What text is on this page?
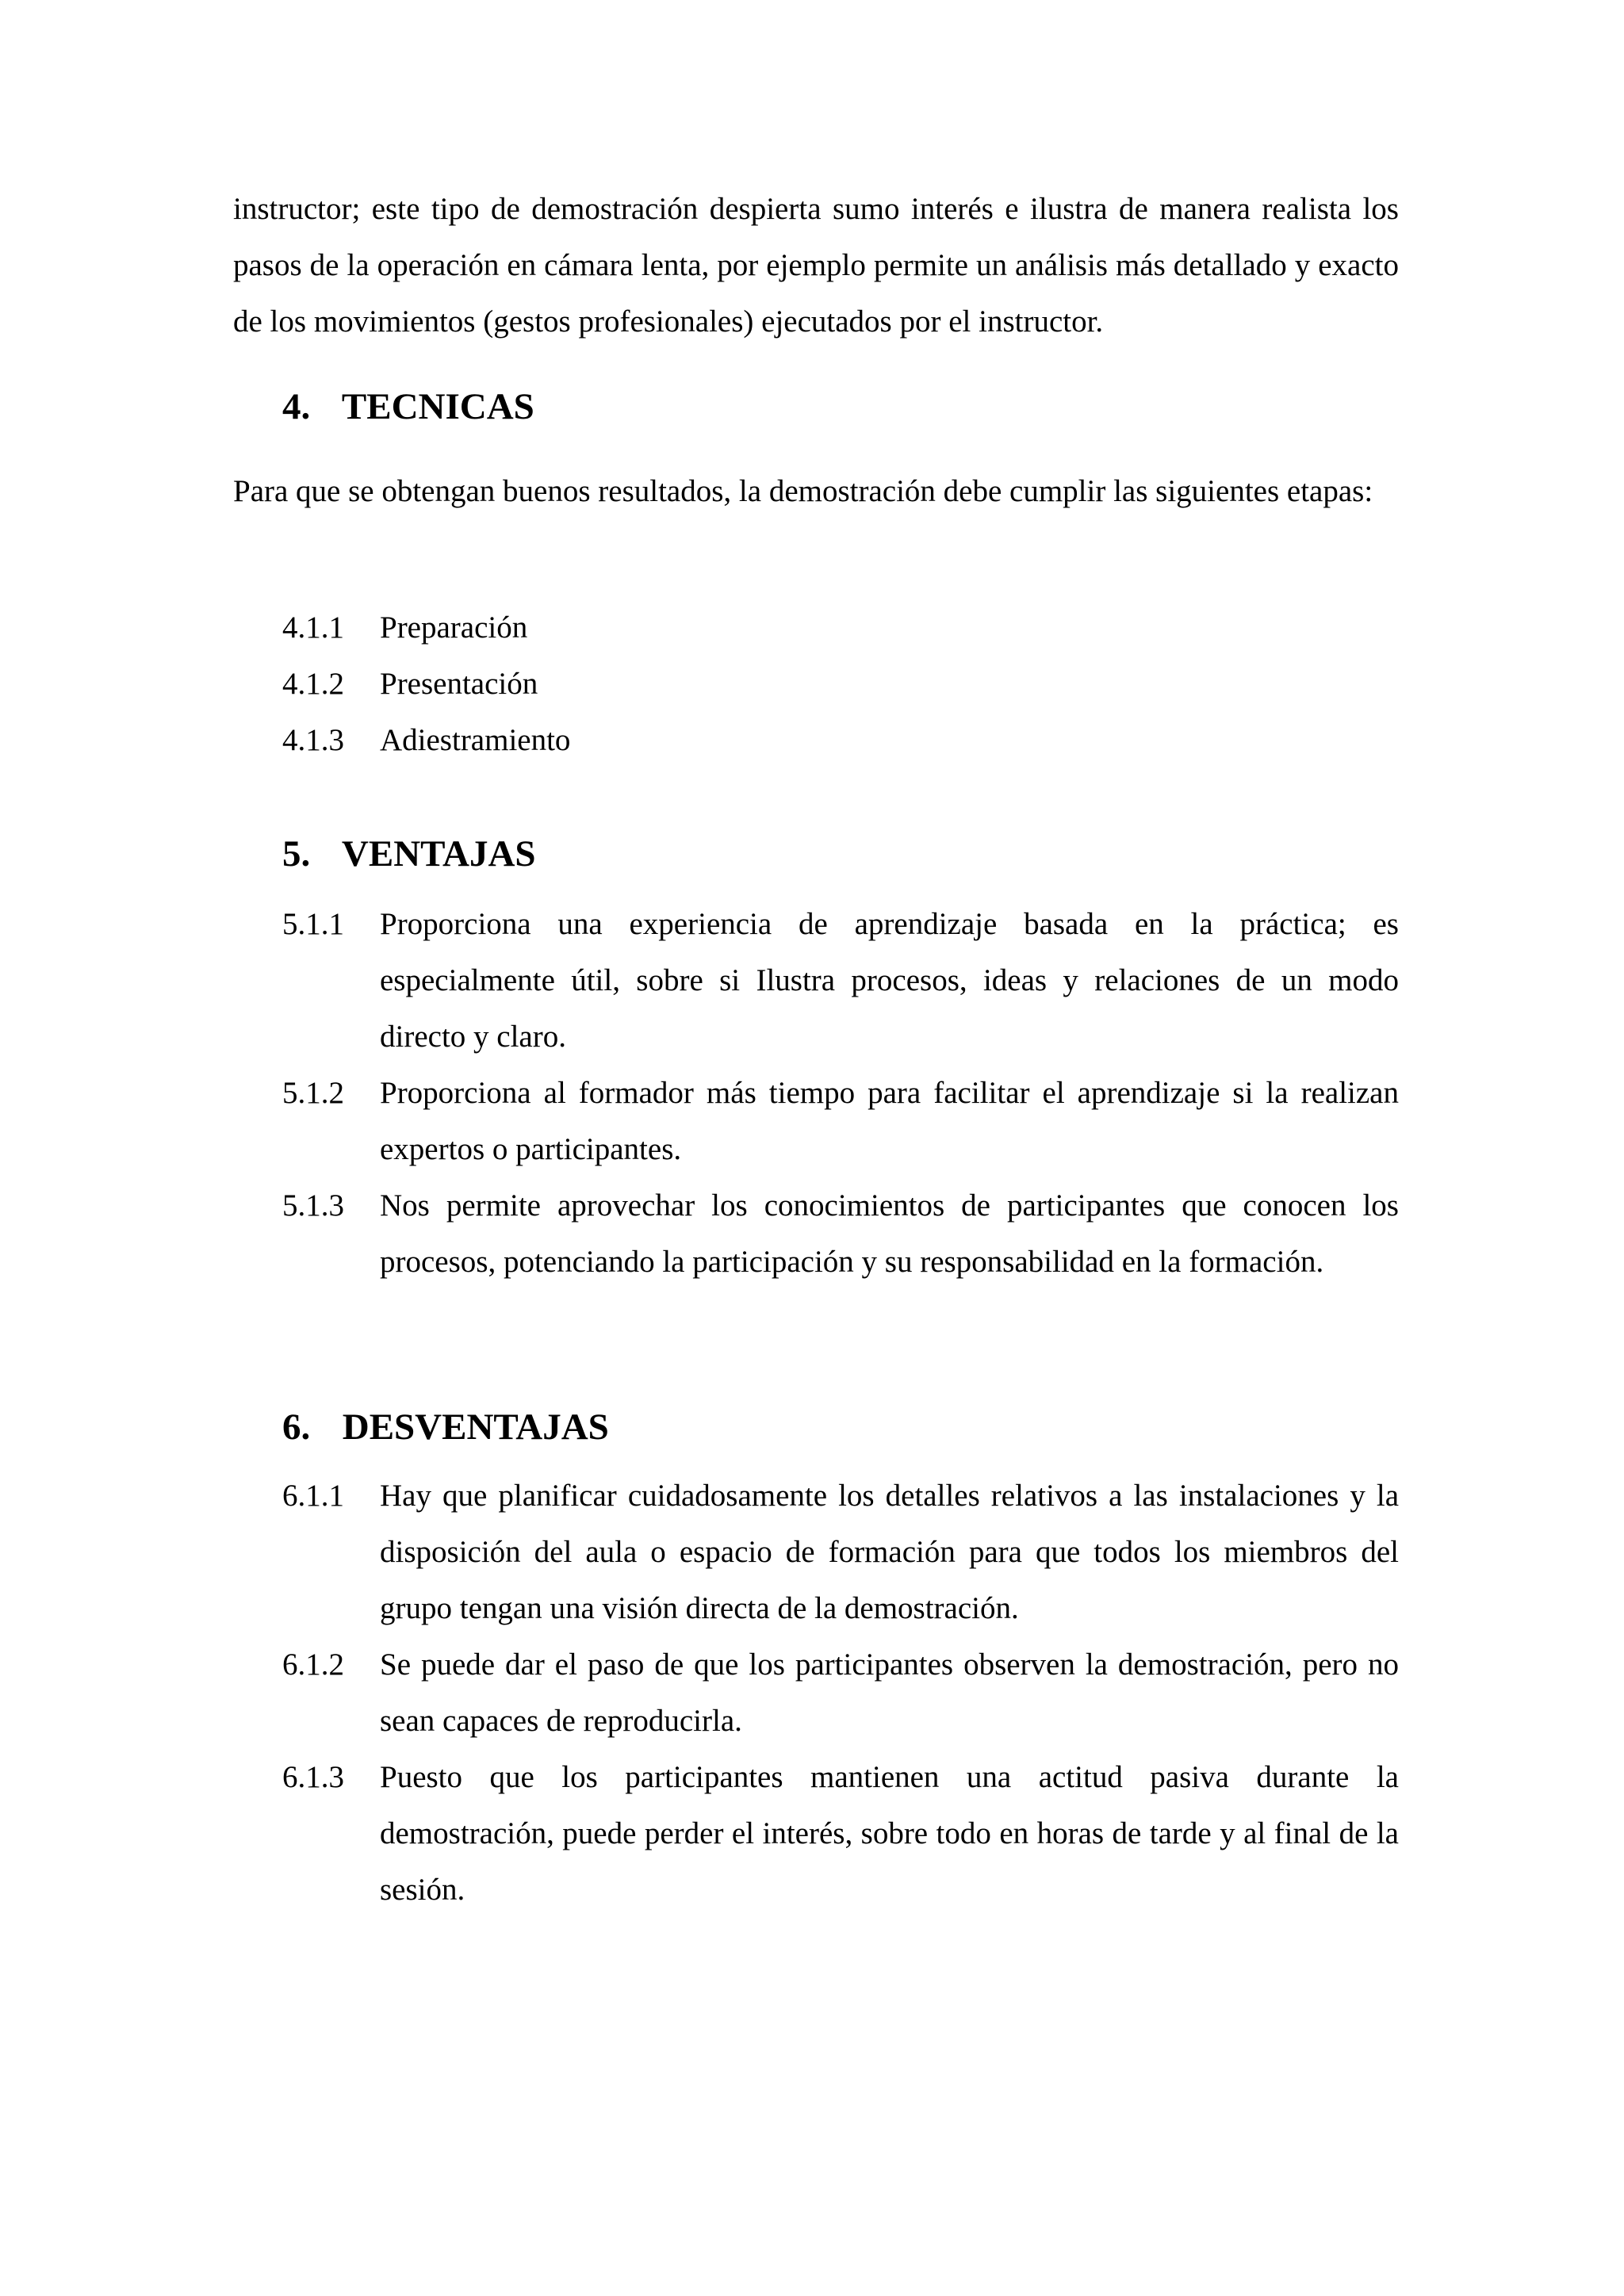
instructor; este tipo de demostración despierta sumo interés e ilustra de manera realista los pasos de la operación en cámara lenta, por ejemplo permite un análisis más detallado y exacto de los movimientos (gestos profesionales) ejecutados por el instructor.

4. TECNICAS

Para que se obtengan buenos resultados, la demostración debe cumplir las siguientes etapas:

4.1.1 Preparación
4.1.2 Presentación
4.1.3 Adiestramiento
5. VENTAJAS
5.1.1 Proporciona una experiencia de aprendizaje basada en la práctica; es especialmente útil, sobre si Ilustra procesos, ideas y relaciones de un modo directo y claro.
5.1.2 Proporciona al formador más tiempo para facilitar el aprendizaje si la realizan expertos o participantes.
5.1.3 Nos permite aprovechar los conocimientos de participantes que conocen los procesos, potenciando la participación y su responsabilidad en la formación.
6. DESVENTAJAS
6.1.1 Hay que planificar cuidadosamente los detalles relativos a las instalaciones y la disposición del aula o espacio de formación para que todos los miembros del grupo tengan una visión directa de la demostración.
6.1.2 Se puede dar el paso de que los participantes observen la demostración, pero no sean capaces de reproducirla.
6.1.3 Puesto que los participantes mantienen una actitud pasiva durante la demostración, puede perder el interés, sobre todo en horas de tarde y al final de la sesión.
